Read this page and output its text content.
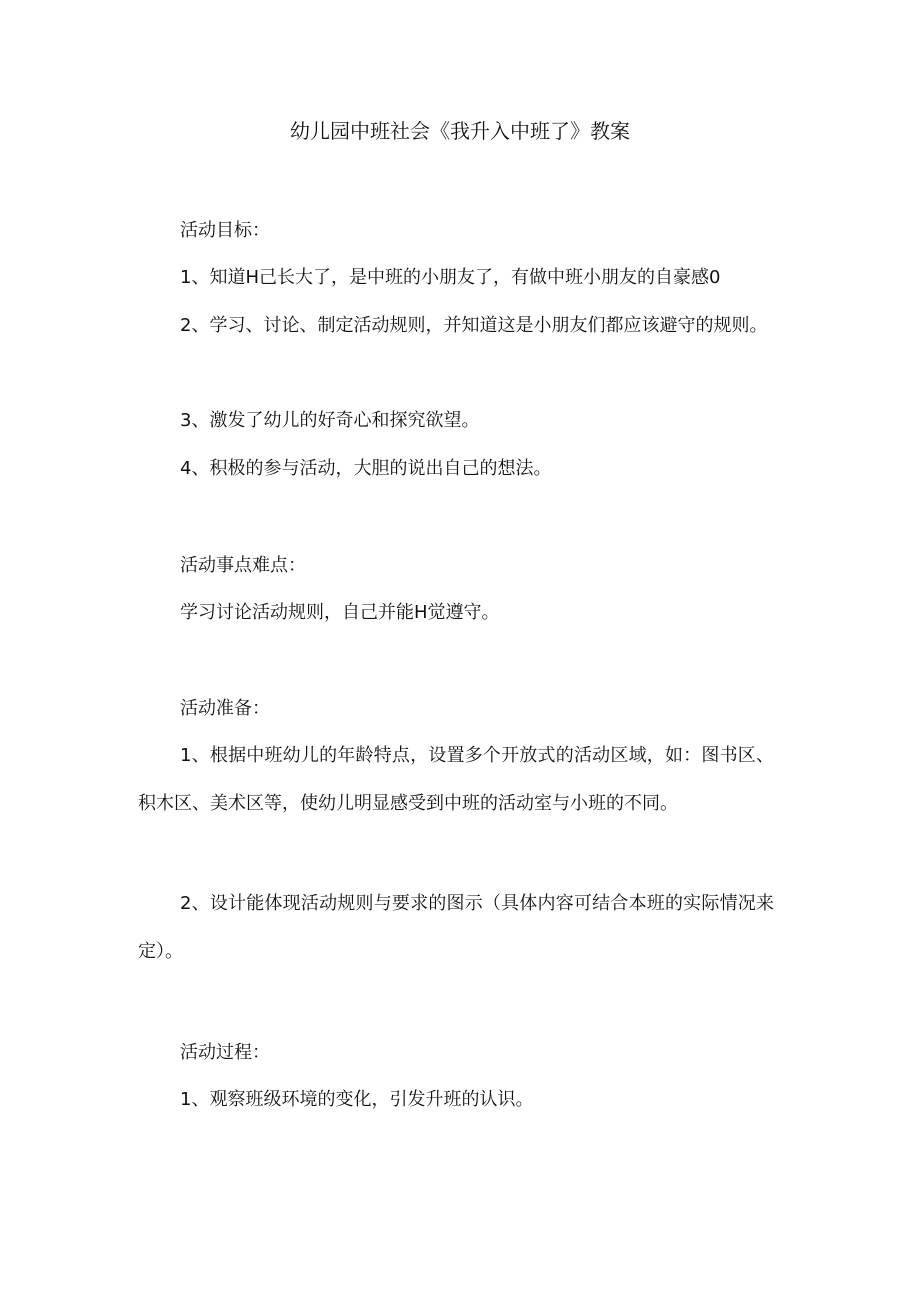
幼儿园中班社会《我升入中班了》教案
活动目标：
1、知道H己长大了，是中班的小朋友了，有做中班小朋友的自豪感0
2、学习、讨论、制定活动规则，并知道这是小朋友们都应该避守的规则。
3、激发了幼儿的好奇心和探究欲望。
4、积极的参与活动，大胆的说出自己的想法。
活动事点难点：
学习讨论活动规则，自己并能H觉遵守。
活动准备：
1、根据中班幼儿的年龄特点，设置多个开放式的活动区域，如：图书区、积木区、美术区等，使幼儿明显感受到中班的活动室与小班的不同。
2、设计能体现活动规则与要求的图示（具体内容可结合本班的实际情况来定）。
活动过程：
1、观察班级环境的变化，引发升班的认识。
